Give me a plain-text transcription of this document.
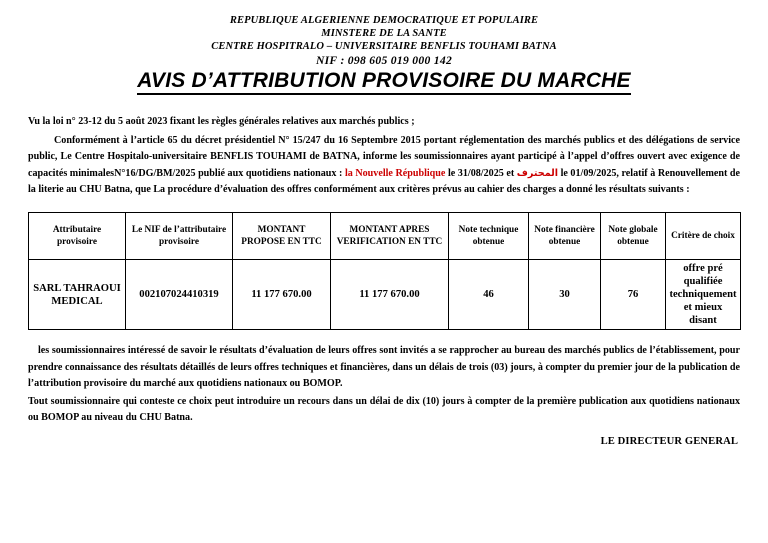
REPUBLIQUE ALGERIENNE DEMOCRATIQUE ET POPULAIRE
MINSTERE DE LA SANTE
CENTRE HOSPITRALO – UNIVERSITAIRE BENFLIS TOUHAMI BATNA
NIF : 098 605 019 000 142
AVIS D’ATTRIBUTION PROVISOIRE DU MARCHE
Vu la loi n° 23-12 du 5 août 2023 fixant les règles générales relatives aux marchés publics ;
Conformément à l’article 65 du décret présidentiel N° 15/247 du 16 Septembre 2015 portant réglementation des marchés publics et des délégations de service public, Le Centre Hospitalo-universitaire BENFLIS TOUHAMI de BATNA, informe les soumissionnaires ayant participé à l’appel d’offres ouvert avec exigence de capacités minimalesN°16/DG/BM/2025 publié aux quotidiens nationaux : la Nouvelle République le 31/08/2025 et المحترف le 01/09/2025, relatif à Renouvellement de la literie au CHU Batna, que La procédure d’évaluation des offres conformément aux critères prévus au cahier des charges a donné les résultats suivants :
Attributaire provisoire	Le NIF de l’attributaire provisoire	MONTANT PROPOSE EN TTC	MONTANT APRES VERIFICATION EN TTC	Note technique obtenue	Note financière obtenue	Note globale obtenue	Critère de choix
SARL TAHRAOUI MEDICAL	002107024410319	11 177 670.00	11 177 670.00	46	30	76	offre pré qualifiée techniquement et mieux disant
les soumissionnaires intéressé de savoir le résultats d’évaluation de leurs offres sont invités a se rapprocher au bureau des marchés publics de l’établissement, pour prendre connaissance des résultats détaillés de leurs offres techniques et financières, dans un délais de trois (03) jours, à compter du premier jour de la publication de l’attribution provisoire du marché aux quotidiens nationaux ou BOMOP.
Tout soumissionnaire qui conteste ce choix peut introduire un recours dans un délai de dix (10) jours à compter de la première publication aux quotidiens nationaux ou BOMOP au niveau du CHU Batna.
LE DIRECTEUR GENERAL
